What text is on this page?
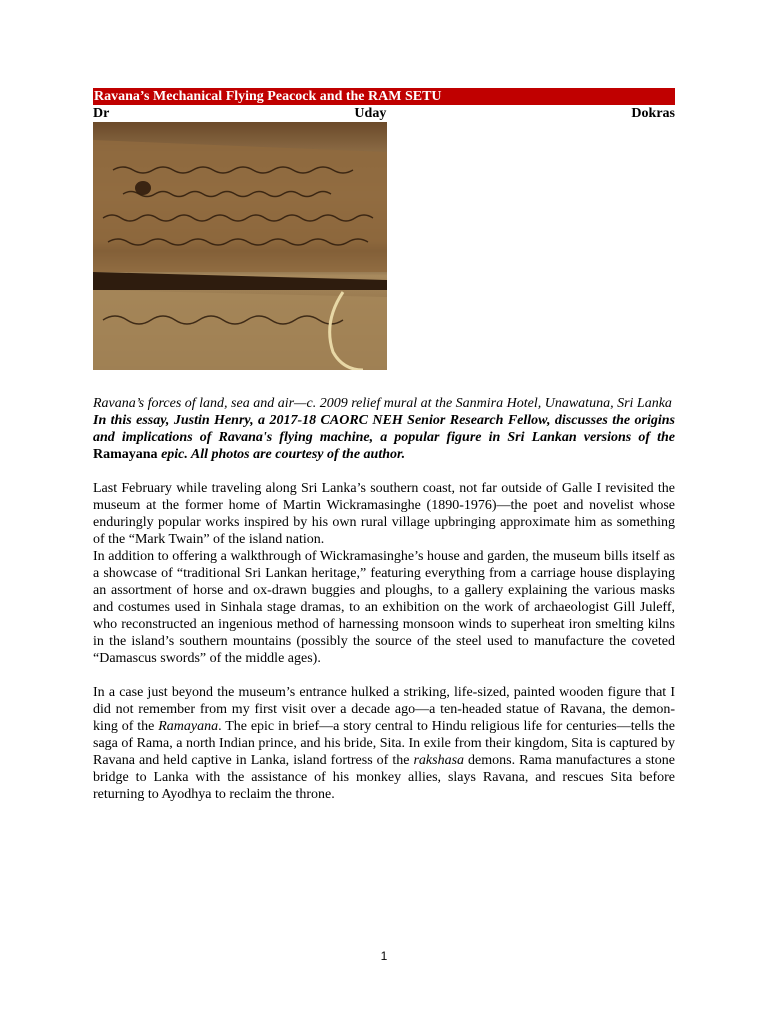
Ravana’s Mechanical Flying Peacock and the RAM SETU
Dr	Uday	Dokras
Ravana’s forces of land, sea and air—c. 2009 relief mural at the Sanmira Hotel, Unawatuna, Sri Lanka
In this essay, Justin Henry, a 2017-18 CAORC NEH Senior Research Fellow, discusses the origins and implications of Ravana's flying machine, a popular figure in Sri Lankan versions of the Ramayana epic. All photos are courtesy of the author.

Last February while traveling along Sri Lanka’s southern coast, not far outside of Galle I revisited the museum at the former home of Martin Wickramasinghe (1890-1976)—the poet and novelist whose enduringly popular works inspired by his own rural village upbringing approximate him as something of the “Mark Twain” of the island nation.

In addition to offering a walkthrough of Wickramasinghe’s house and garden, the museum bills itself as a showcase of “traditional Sri Lankan heritage,” featuring everything from a carriage house displaying an assortment of horse and ox-drawn buggies and ploughs, to a gallery explaining the various masks and costumes used in Sinhala stage dramas, to an exhibition on the work of archaeologist Gill Juleff, who reconstructed an ingenious method of harnessing monsoon winds to superheat iron smelting kilns in the island’s southern mountains (possibly the source of the steel used to manufacture the coveted “Damascus swords” of the middle ages).

In a case just beyond the museum’s entrance hulked a striking, life-sized, painted wooden figure that I did not remember from my first visit over a decade ago—a ten-headed statue of Ravana, the demon-king of the Ramayana. The epic in brief—a story central to Hindu religious life for centuries—tells the saga of Rama, a north Indian prince, and his bride, Sita. In exile from their kingdom, Sita is captured by Ravana and held captive in Lanka, island fortress of the rakshasa demons. Rama manufactures a stone bridge to Lanka with the assistance of his monkey allies, slays Ravana, and rescues Sita before returning to Ayodhya to reclaim the throne.

1
